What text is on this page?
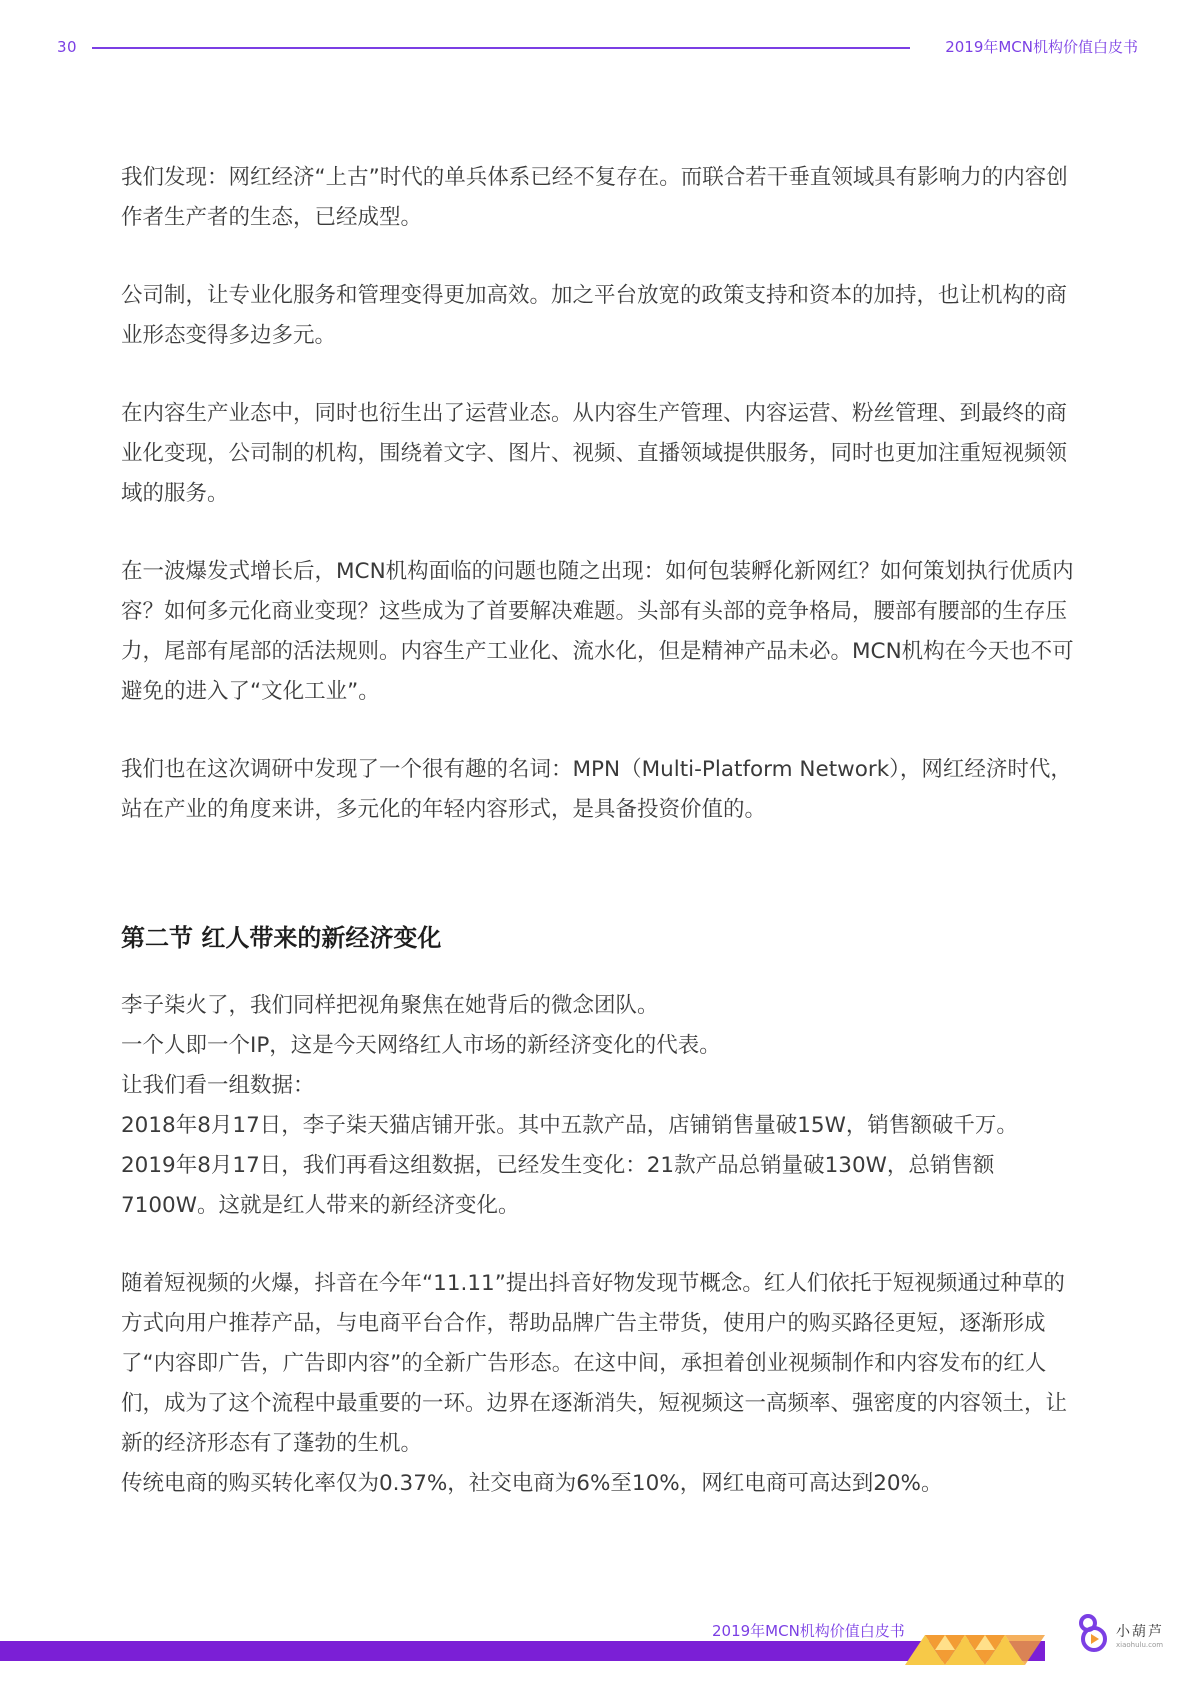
30	2019年MCN机构价值白皮书

我们发现：网红经济“上古”时代的单兵体系已经不复存在。而联合若干垂直领域具有影响力的内容创作者生产者的生态，已经成型。

公司制，让专业化服务和管理变得更加高效。加之平台放宽的政策支持和资本的加持，也让机构的商业形态变得多边多元。

在内容生产业态中，同时也衍生出了运营业态。从内容生产管理、内容运营、粉丝管理、到最终的商业化变现，公司制的机构，围绕着文字、图片、视频、直播领域提供服务，同时也更加注重短视频领域的服务。

在一波爆发式增长后，MCN机构面临的问题也随之出现：如何包装孵化新网红？如何策划执行优质内容？如何多元化商业变现？这些成为了首要解决难题。头部有头部的竞争格局，腰部有腰部的生存压力，尾部有尾部的活法规则。内容生产工业化、流水化，但是精神产品未必。MCN机构在今天也不可避免的进入了“文化工业”。

我们也在这次调研中发现了一个很有趣的名词：MPN（Multi-Platform Network），网红经济时代，站在产业的角度来讲，多元化的年轻内容形式，是具备投资价值的。

第二节 红人带来的新经济变化

李子柒火了，我们同样把视角聚焦在她背后的微念团队。

一个人即一个IP，这是今天网络红人市场的新经济变化的代表。

让我们看一组数据：

2018年8月17日，李子柒天猫店铺开张。其中五款产品，店铺销售量破15W，销售额破千万。

2019年8月17日，我们再看这组数据，已经发生变化：21款产品总销量破130W，总销售额7100W。这就是红人带来的新经济变化。

随着短视频的火爆，抖音在今年“11.11”提出抖音好物发现节概念。红人们依托于短视频通过种草的方式向用户推荐产品，与电商平台合作，帮助品牌广告主带货，使用户的购买路径更短，逐渐形成了“内容即广告，广告即内容”的全新广告形态。在这中间，承担着创业视频制作和内容发布的红人们，成为了这个流程中最重要的一环。边界在逐渐消失，短视频这一高频率、强密度的内容领土，让新的经济形态有了蓬勃的生机。

传统电商的购买转化率仅为0.37%，社交电商为6%至10%，网红电商可高达到20%。

2019年MCN机构价值白皮书	小葫芦
xiaohulu.com
